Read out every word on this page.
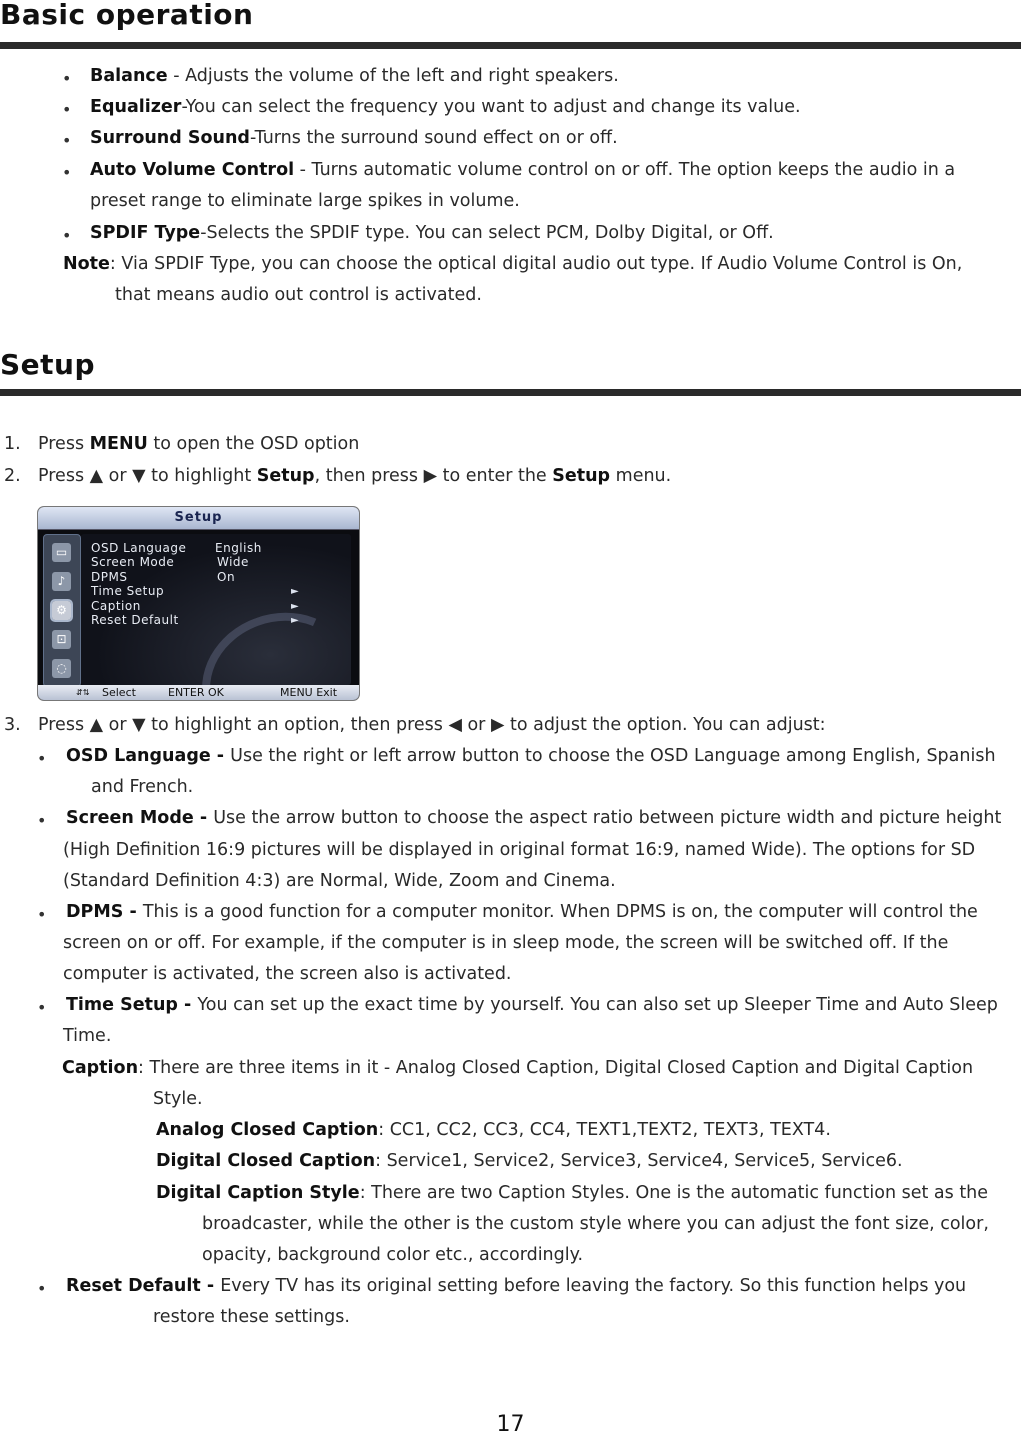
Basic operation
• Balance - Adjusts the volume of the left and right speakers.
• Equalizer-You can select the frequency you want to adjust and change its value.
• Surround Sound-Turns the surround sound effect on or off.
• Auto Volume Control - Turns automatic volume control on or off. The option keeps the audio in a
preset range to eliminate large spikes in volume.
• SPDIF Type-Selects the SPDIF type. You can select PCM, Dolby Digital, or Off.
Note: Via SPDIF Type, you can choose the optical digital audio out type. If Audio Volume Control is On,
that means audio out control is activated.
Setup
1. Press MENU to open the OSD option
2. Press ▲ or ▼ to highlight Setup, then press ▶ to enter the Setup menu.
Setup
▭
♪
⚙
⊡
◌
OSD Language English
Screen Mode	Wide
DPMS	On
Time Setup	►
Caption	►
Reset Default	►
⇵⇅ Select	ENTER OK	MENU Exit
3. Press ▲ or ▼ to highlight an option, then press ◀ or ▶ to adjust the option. You can adjust:
• OSD Language - Use the right or left arrow button to choose the OSD Language among English, Spanish
and French.
• Screen Mode - Use the arrow button to choose the aspect ratio between picture width and picture height
(High Definition 16:9 pictures will be displayed in original format 16:9, named Wide). The options for SD
(Standard Definition 4:3) are Normal, Wide, Zoom and Cinema.
• DPMS - This is a good function for a computer monitor. When DPMS is on, the computer will control the
screen on or off. For example, if the computer is in sleep mode, the screen will be switched off. If the
computer is activated, the screen also is activated.
• Time Setup - You can set up the exact time by yourself. You can also set up Sleeper Time and Auto Sleep
Time.
Caption: There are three items in it - Analog Closed Caption, Digital Closed Caption and Digital Caption
Style.
Analog Closed Caption: CC1, CC2, CC3, CC4, TEXT1,TEXT2, TEXT3, TEXT4.
Digital Closed Caption: Service1, Service2, Service3, Service4, Service5, Service6.
Digital Caption Style: There are two Caption Styles. One is the automatic function set as the
broadcaster, while the other is the custom style where you can adjust the font size, color,
opacity, background color etc., accordingly.
• Reset Default - Every TV has its original setting before leaving the factory. So this function helps you
restore these settings.
17
